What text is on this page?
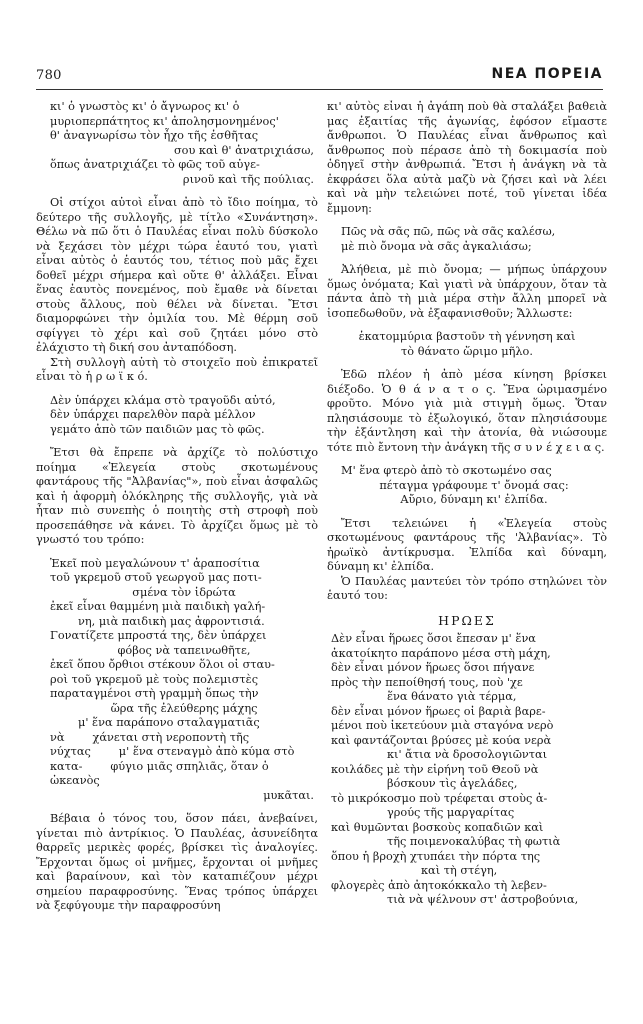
780	ΝΕΑ ΠΟΡΕΙΑ
κι' ὁ γνωστὸς κι' ὁ ἄγνωρος κι' ὁ
μυριοπερπάτητος κι' ἀπολησμονημένος'
θ' ἀναγνωρίσω τὸν ἦχο τῆς ἐσθῆτας
σου καὶ θ' ἀνατριχιάσω,
ὅπως ἀνατριχιάζει τὸ φῶς τοῦ αὐγε-
ρινοῦ καὶ τῆς πούλιας.

Οἱ στίχοι αὐτοὶ εἶναι ἀπὸ τὸ ἴδιο ποίημα, τὸ δεύτερο τῆς συλλογῆς, μὲ τίτλο «Συνάντηση». Θέλω νὰ πῶ ὅτι ὁ Παυλέας εἶναι πολὺ δύσκολο νὰ ξεχάσει τὸν μέχρι τώρα ἑαυτό του, γιατὶ εἶναι αὐτὸς ὁ ἑαυτός του, τέτιος ποὺ μᾶς ἔχει δοθεῖ μέχρι σήμερα καὶ οὔτε θ' ἀλλάξει. Εἶναι ἕνας ἑαυτὸς πονεμένος, ποὺ ἔμαθε νὰ δίνεται στοὺς ἄλλους, ποὺ θέλει νὰ δίνεται. Ἔτσι διαμορφώνει τὴν ὁμιλία του. Μὲ θέρμη σοῦ σφίγγει τὸ χέρι καὶ σοῦ ζητάει μόνο στὸ ἐλάχιστο τὴ δική σου ἀνταπόδοση.

Στὴ συλλογὴ αὐτὴ τὸ στοιχεῖο ποὺ ἐπικρατεῖ εἶναι τὸ ἡ ρ ω ϊ κ ό.

Δὲν ὑπάρχει κλάμα στὸ τραγοῦδι αὐτό,
δὲν ὑπάρχει παρελθὸν παρὰ μέλλον
γεμάτο ἀπὸ τῶν παιδιῶν μας τὸ φῶς.

Ἔτσι θὰ ἔπρεπε νὰ ἀρχίζε τὸ πολύστιχο ποίημα «Ἐλεγεία στοὺς σκοτωμένους φαντάρους τῆς "Ἀλβανίας"», ποὺ εἶναι ἀσφαλῶς καὶ ἡ ἀφορμὴ ὁλόκληρης τῆς συλλογῆς, γιὰ νὰ ἦταν πιὸ συνεπὴς ὁ ποιητὴς στὴ στροφὴ ποὺ προσεπάθησε νὰ κάνει. Τὸ ἀρχίζει ὅμως μὲ τὸ γνωστό του τρόπο:

Ἐκεῖ ποὺ μεγαλώνουν τ' ἀραποσίτια
τοῦ γκρεμοῦ στοῦ γεωργοῦ μας ποτι-
σμένα τὸν ἱδρώτα
ἐκεῖ εἶναι θαμμένη μιὰ παιδικὴ γαλή-
νη, μιὰ παιδικὴ μας ἀφροντισιά.
Γονατίζετε μπροστά της, δὲν ὑπάρχει
φόβος νὰ ταπεινωθῆτε,
ἐκεῖ ὅπου ὄρθιοι στέκουν ὅλοι οἱ σταυ-
ροὶ τοῦ γκρεμοῦ μὲ τοὺς πολεμιστὲς
παραταγμένοι στὴ γραμμὴ ὅπως τὴν
ὥρα τῆς ἐλεύθερης μάχης
μ' ἕνα παράπονο σταλαγματιᾶς νὰ χάνεται στὴ νεροποντὴ τῆς νύχτας μ' ἕνα στεναγμὸ ἀπὸ κύμα στὸ κατα- φύγιο μιᾶς σπηλιᾶς, ὅταν ὁ ὠκεανὸς
μυκᾶται.

Βέβαια ὁ τόνος του, ὅσον πάει, ἀνεβαίνει, γίνεται πιὸ ἀντρίκιος. Ὁ Παυλέας, ἀσυνείδητα θαρρεῖς μερικὲς φορές, βρίσκει τὶς ἀναλογίες. Ἔρχονται ὅμως οἱ μνῆμες, ἔρχονται οἱ μνῆμες καὶ βαραίνουν, καὶ τὸν καταπιέζουν μέχρι σημείου παραφροσύνης. Ἕνας τρόπος ὑπάρχει νὰ ξεφύγουμε τὴν παραφροσύνη

κι' αὐτὸς εἶναι ἡ ἀγάπη ποὺ θὰ σταλάξει βαθειὰ μας ἐξαιτίας τῆς ἀγωνίας, ἐφόσον εἴμαστε ἄνθρωποι. Ὁ Παυλέας εἶναι ἄνθρωπος καὶ ἄνθρωπος ποὺ πέρασε ἀπὸ τὴ δοκιμασία ποὺ ὁδηγεῖ στὴν ἀνθρωπιά. Ἔτσι ἡ ἀνάγκη νὰ τὰ ἐκφράσει ὅλα αὐτὰ μαζὺ νὰ ζήσει καὶ νὰ λέει καὶ νὰ μὴν τελειώνει ποτέ, τοῦ γίνεται ἰδέα ἔμμονη:

Πῶς νὰ σᾶς πῶ, πῶς νὰ σᾶς καλέσω,
μὲ πιὸ ὄνομα νὰ σᾶς ἀγκαλιάσω;

Ἀλήθεια, μὲ πιὸ ὄνομα; — μήπως ὑπάρχουν ὅμως ὀνόματα; Καὶ γιατὶ νὰ ὑπάρχουν, ὅταν τὰ πάντα ἀπὸ τὴ μιὰ μέρα στὴν ἄλλη μπορεῖ νὰ ἰσοπεδωθοῦν, νὰ ἐξαφανισθοῦν; Ἄλλωστε:

ἑκατομμύρια βαστοῦν τὴ γέννηση καὶ
τὸ θάνατο ὥριμο μῆλο.

Ἐδῶ πλέον ἡ ἀπὸ μέσα κίνηση βρίσκει διέξοδο. Ὁ θ ά ν α τ ο ς. Ἕνα ὡριμασμένο φροῦτο. Μόνο γιὰ μιὰ στιγμὴ ὅμως. Ὅταν πλησιάσουμε τὸ ἐξωλογικό, ὅταν πλησιάσουμε τὴν ἐξάντληση καὶ τὴν ἀτονία, θὰ νιώσουμε τότε πιὸ ἔντονη τὴν ἀνάγκη τῆς σ υ ν έ χ ε ι α ς.

Μ' ἕνα φτερὸ ἀπὸ τὸ σκοτωμένο σας
πέταγμα γράφουμε τ' ὄνομά σας:
Αὔριο, δύναμη κι' ἐλπίδα.

Ἔτσι τελειώνει ἡ «Ἐλεγεία στοὺς σκοτωμένους φαντάρους τῆς 'Ἀλβανίας». Τὸ ἡρωϊκὸ ἀντίκρυσμα. Ἐλπίδα καὶ δύναμη, δύναμη κι' ἐλπίδα.

Ὁ Παυλέας μαντεύει τὸν τρόπο στηλώνει τὸν ἑαυτό του:

ΗΡΩΕΣ

Δὲν εἶναι ἥρωες ὅσοι ἔπεσαν μ' ἕνα
ἀκατοίκητο παράπονο μέσα στὴ μάχη,
δὲν εἶναι μόνον ἥρωες ὅσοι πήγανε
πρὸς τὴν πεποίθησή τους, ποὺ 'χε
ἕνα θάνατο γιὰ τέρμα,
δὲν εἶναι μόνον ἥρωες οἱ βαριὰ βαρε-
μένοι ποὺ ἱκετεύουν μιὰ σταγόνα νερὸ
καὶ φαντάζονται βρύσες μὲ κούα νερὰ
κι' ἄτια νὰ δροσολογιῶνται
κοιλάδες μὲ τὴν εἰρήνη τοῦ Θεοῦ νὰ
βόσκουν τὶς ἀγελάδες,
τὸ μικρόκοσμο ποὺ τρέφεται στοὺς ἀ-
γρούς τῆς μαργαρίτας
καὶ θυμῶνται βοσκοὺς κοπαδιῶν καὶ
τῆς ποιμενοκαλύβας τὴ φωτιὰ
ὅπου ἡ βροχὴ χτυπάει τὴν πόρτα της
καὶ τὴ στέγη,
φλογερὲς ἀπὸ ἀητοκόκκαλο τὴ λεβεν-
τιὰ νὰ ψέλνουν στ' ἀστροβούνια,
